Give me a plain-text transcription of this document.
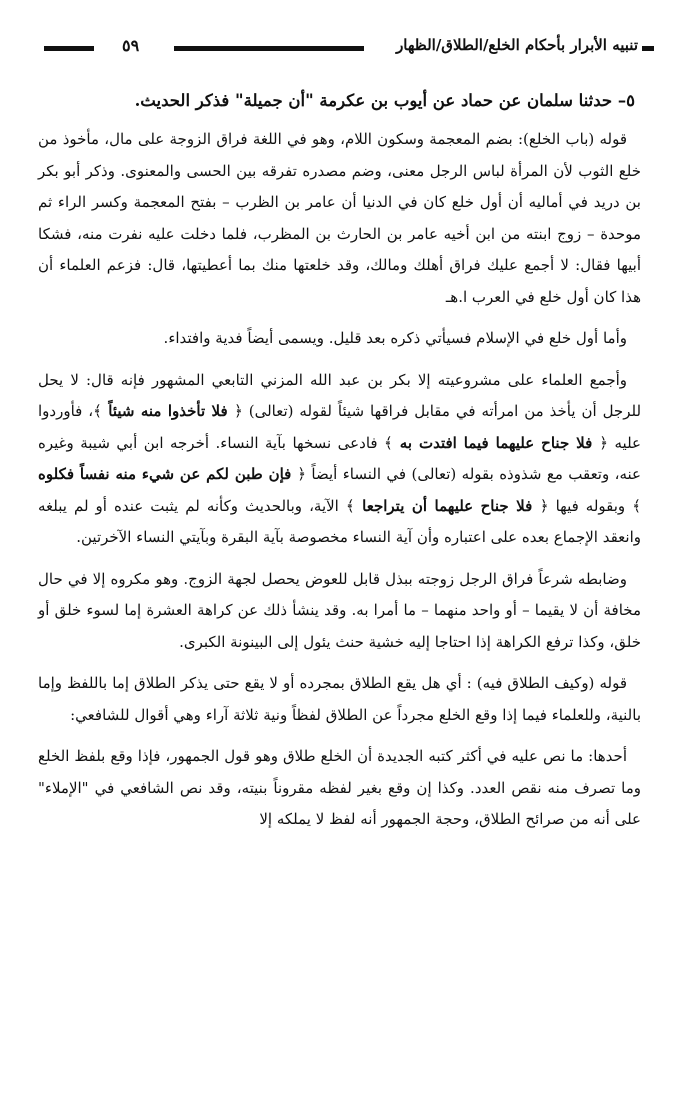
تنبيه الأبرار بأحكام الخلع/الطلاق/الظهار
٥٩
٥– حدثنا سلمان عن حماد عن أيوب بن عكرمة "أن جميلة" فذكر الحديث.

قوله (باب الخلع): بضم المعجمة وسكون اللام، وهو في اللغة فراق الزوجة على مال، مأخوذ من خلع الثوب لأن المرأة لباس الرجل معنى، وضم مصدره تفرقه بين الحسى والمعنوى. وذكر أبو بكر بن دريد في أماليه أن أول خلع كان في الدنيا أن عامر بن الظرب – بفتح المعجمة وكسر الراء ثم موحدة – زوج ابنته من ابن أخيه عامر بن الحارث بن المظرب، فلما دخلت عليه نفرت منه، فشكا أبيها فقال: لا أجمع عليك فراق أهلك ومالك، وقد خلعتها منك بما أعطيتها، قال: فزعم العلماء أن هذا كان أول خلع في العرب ا.هـ

وأما أول خلع في الإسلام فسيأتي ذكره بعد قليل. ويسمى أيضاً فدية وافتداء.

وأجمع العلماء على مشروعيته إلا بكر بن عبد الله المزني التابعي المشهور فإنه قال: لا يحل للرجل أن يأخذ من امرأته في مقابل فراقها شيئاً لقوله (تعالى) ﴿ فلا تأخذوا منه شيئاً ﴾، فأوردوا عليه ﴿ فلا جناح عليهما فيما افتدت به ﴾ فادعى نسخها بآية النساء. أخرجه ابن أبي شيبة وغيره عنه، وتعقب مع شذوذه بقوله (تعالى) في النساء أيضاً ﴿ فإن طبن لكم عن شيء منه نفساً فكلوه ﴾ وبقوله فيها ﴿ فلا جناح عليهما أن يتراجعا ﴾ الآية، وبالحديث وكأنه لم يثبت عنده أو لم يبلغه وانعقد الإجماع بعده على اعتباره وأن آية النساء مخصوصة بآية البقرة وبآيتي النساء الآخرتين.

وضابطه شرعاً فراق الرجل زوجته ببذل قابل للعوض يحصل لجهة الزوج. وهو مكروه إلا في حال مخافة أن لا يقيما – أو واحد منهما – ما أمرا به. وقد ينشأ ذلك عن كراهة العشرة إما لسوء خلق أو خلق، وكذا ترفع الكراهة إذا احتاجا إليه خشية حنث يئول إلى البينونة الكبرى.

قوله (وكيف الطلاق فيه) : أي هل يقع الطلاق بمجرده أو لا يقع حتى يذكر الطلاق إما باللفظ وإما بالنية، وللعلماء فيما إذا وقع الخلع مجرداً عن الطلاق لفظاً ونية ثلاثة آراء وهي أقوال للشافعي:

أحدها: ما نص عليه في أكثر كتبه الجديدة أن الخلع طلاق وهو قول الجمهور، فإذا وقع بلفظ الخلع وما تصرف منه نقص العدد. وكذا إن وقع بغير لفظه مقروناً بنيته، وقد نص الشافعي في "الإملاء" على أنه من صرائح الطلاق، وحجة الجمهور أنه لفظ لا يملكه إلا
